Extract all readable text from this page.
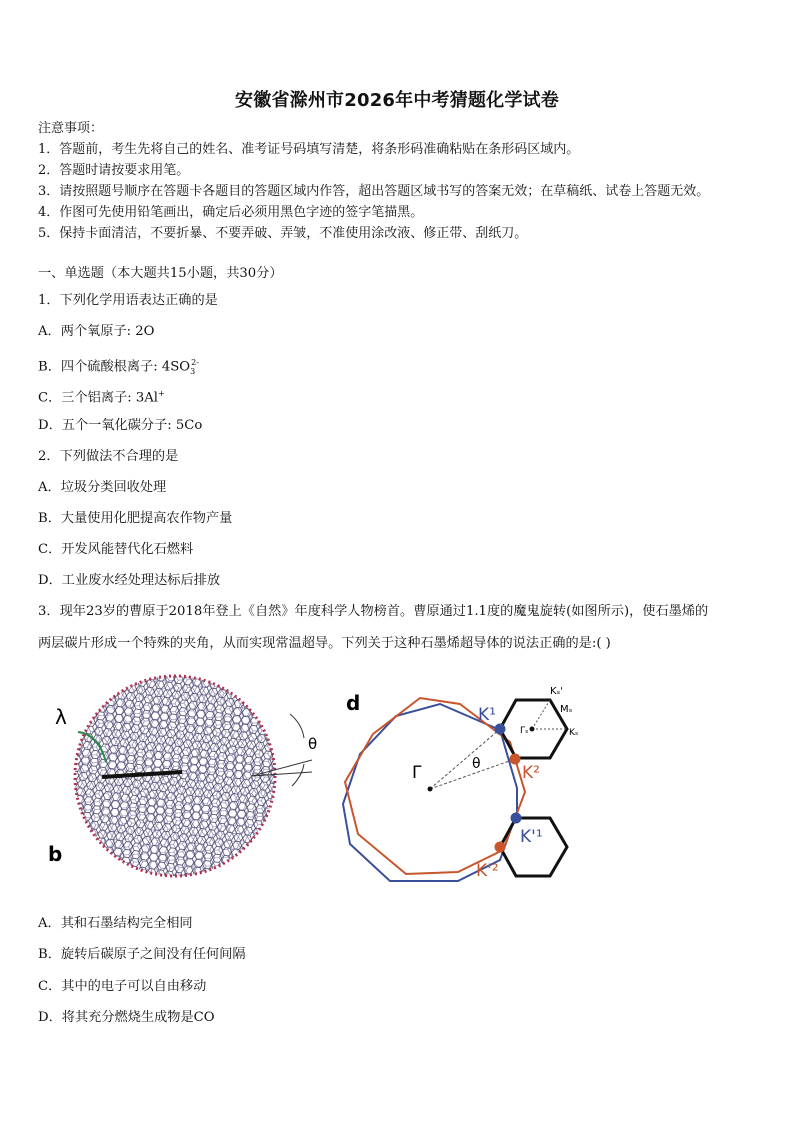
安徽省滁州市2026年中考猜题化学试卷
注意事项：
1．答题前，考生先将自己的姓名、准考证号码填写清楚，将条形码准确粘贴在条形码区域内。
2．答题时请按要求用笔。
3．请按照题号顺序在答题卡各题目的答题区域内作答，超出答题区域书写的答案无效；在草稿纸、试卷上答题无效。
4．作图可先使用铅笔画出，确定后必须用黑色字迹的签字笔描黑。
5．保持卡面清洁，不要折暴、不要弄破、弄皱，不准使用涂改液、修正带、刮纸刀。
一、单选题（本大题共15小题，共30分）
1．下列化学用语表达正确的是
A．两个氧原子: 2O
B．四个硫酸根离子: $4SO_3^{2-}$
C．三个铝离子: 3Al+
D．五个一氧化碳分子: 5Co
2．下列做法不合理的是
A．垃圾分类回收处理
B．大量使用化肥提高农作物产量
C．开发风能替代化石燃料
D．工业废水经处理达标后排放
3．现年23岁的曹原于2018年登上《自然》年度科学人物榜首。曹原通过1.1度的魔鬼旋转(如图所示)，使石墨烯的
两层碳片形成一个特殊的夹角，从而实现常温超导。下列关于这种石墨烯超导体的说法正确的是:( )
λ
θ
b
d
Γ	θ
K¹
K²
K'¹
K'²
Kₛ'
Mₛ
Γₛ	Kₛ
A．其和石墨结构完全相同
B．旋转后碳原子之间没有任何间隔
C．其中的电子可以自由移动
D．将其充分燃烧生成物是CO
